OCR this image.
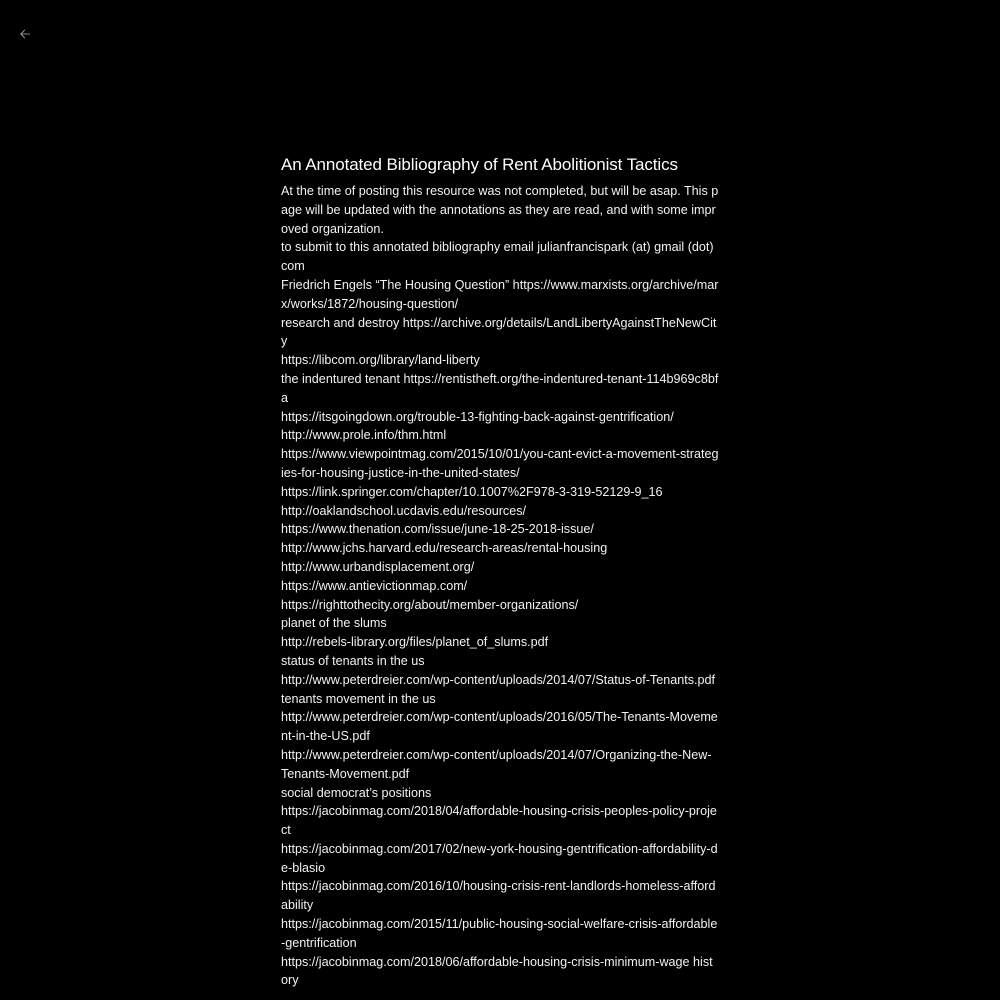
An Annotated Bibliography of Rent Abolitionist Tactics
At the time of posting this resource was not completed, but will be asap. This page will be updated with the annotations as they are read, and with some improved organization.
to submit to this annotated bibliography email julianfrancispark (at) gmail (dot) com
Friedrich Engels “The Housing Question” https://www.marxists.org/archive/marx/works/1872/housing-question/
research and destroy https://archive.org/details/LandLibertyAgainstTheNewCity
https://libcom.org/library/land-liberty
the indentured tenant https://rentistheft.org/the-indentured-tenant-114b969c8bfa
https://itsgoingdown.org/trouble-13-fighting-back-against-gentrification/
http://www.prole.info/thm.html
https://www.viewpointmag.com/2015/10/01/you-cant-evict-a-movement-strategies-for-housing-justice-in-the-united-states/
https://link.springer.com/chapter/10.1007%2F978-3-319-52129-9_16
http://oaklandschool.ucdavis.edu/resources/
https://www.thenation.com/issue/june-18-25-2018-issue/
http://www.jchs.harvard.edu/research-areas/rental-housing
http://www.urbandisplacement.org/
https://www.antievictionmap.com/
https://righttothecity.org/about/member-organizations/
planet of the slums
http://rebels-library.org/files/planet_of_slums.pdf
status of tenants in the us
http://www.peterdreier.com/wp-content/uploads/2014/07/Status-of-Tenants.pdf
tenants movement in the us
http://www.peterdreier.com/wp-content/uploads/2016/05/The-Tenants-Movement-in-the-US.pdf
http://www.peterdreier.com/wp-content/uploads/2014/07/Organizing-the-New-Tenants-Movement.pdf
social democrat’s positions
https://jacobinmag.com/2018/04/affordable-housing-crisis-peoples-policy-project
https://jacobinmag.com/2017/02/new-york-housing-gentrification-affordability-de-blasio
https://jacobinmag.com/2016/10/housing-crisis-rent-landlords-homeless-affordability
https://jacobinmag.com/2015/11/public-housing-social-welfare-crisis-affordable-gentrification
https://jacobinmag.com/2018/06/affordable-housing-crisis-minimum-wage history
